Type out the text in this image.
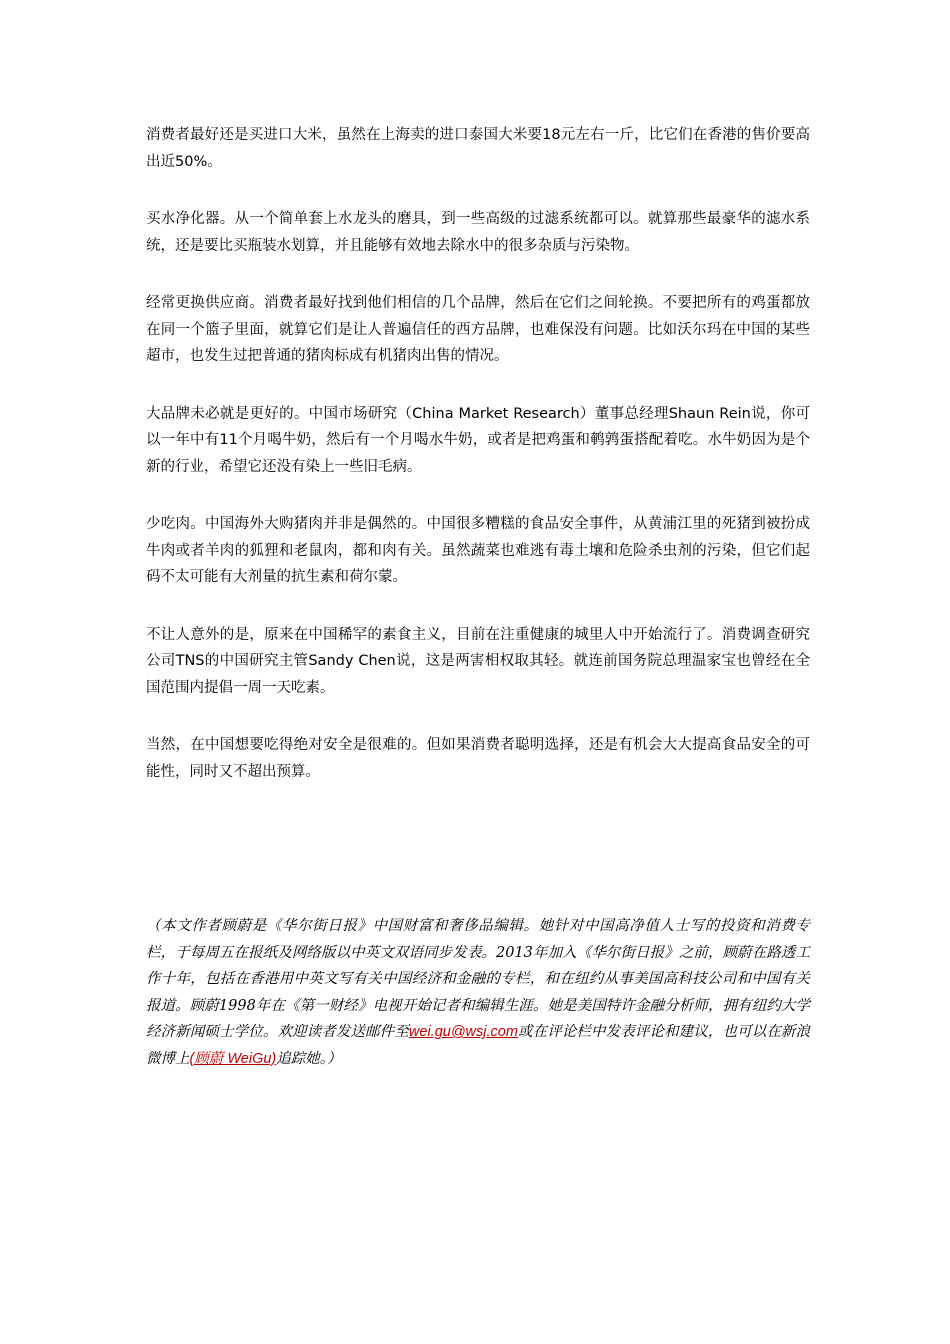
消费者最好还是买进口大米，虽然在上海卖的进口泰国大米要18元左右一斤，比它们在香港的售价要高出近50%。

买水净化器。从一个简单套上水龙头的磨具，到一些高级的过滤系统都可以。就算那些最豪华的滤水系统，还是要比买瓶装水划算，并且能够有效地去除水中的很多杂质与污染物。

经常更换供应商。消费者最好找到他们相信的几个品牌，然后在它们之间轮换。不要把所有的鸡蛋都放在同一个篮子里面，就算它们是让人普遍信任的西方品牌，也难保没有问题。比如沃尔玛在中国的某些超市，也发生过把普通的猪肉标成有机猪肉出售的情况。

大品牌未必就是更好的。中国市场研究（China Market Research）董事总经理Shaun Rein说，你可以一年中有11个月喝牛奶，然后有一个月喝水牛奶，或者是把鸡蛋和鹌鹑蛋搭配着吃。水牛奶因为是个新的行业，希望它还没有染上一些旧毛病。

少吃肉。中国海外大购猪肉并非是偶然的。中国很多糟糕的食品安全事件，从黄浦江里的死猪到被扮成牛肉或者羊肉的狐狸和老鼠肉，都和肉有关。虽然蔬菜也难逃有毒土壤和危险杀虫剂的污染，但它们起码不太可能有大剂量的抗生素和荷尔蒙。

不让人意外的是，原来在中国稀罕的素食主义，目前在注重健康的城里人中开始流行了。消费调查研究公司TNS的中国研究主管Sandy Chen说，这是两害相权取其轻。就连前国务院总理温家宝也曾经在全国范围内提倡一周一天吃素。

当然，在中国想要吃得绝对安全是很难的。但如果消费者聪明选择，还是有机会大大提高食品安全的可能性，同时又不超出预算。

（本文作者顾蔚是《华尔街日报》中国财富和奢侈品编辑。她针对中国高净值人士写的投资和消费专栏，于每周五在报纸及网络版以中英文双语同步发表。2013年加入《华尔街日报》之前，顾蔚在路透工作十年，包括在香港用中英文写有关中国经济和金融的专栏，和在纽约从事美国高科技公司和中国有关报道。顾蔚1998年在《第一财经》电视开始记者和编辑生涯。她是美国特许金融分析师，拥有纽约大学经济新闻硕士学位。欢迎读者发送邮件至wei.gu@wsj.com或在评论栏中发表评论和建议，也可以在新浪微博上(顾蔚 WeiGu)追踪她。）
